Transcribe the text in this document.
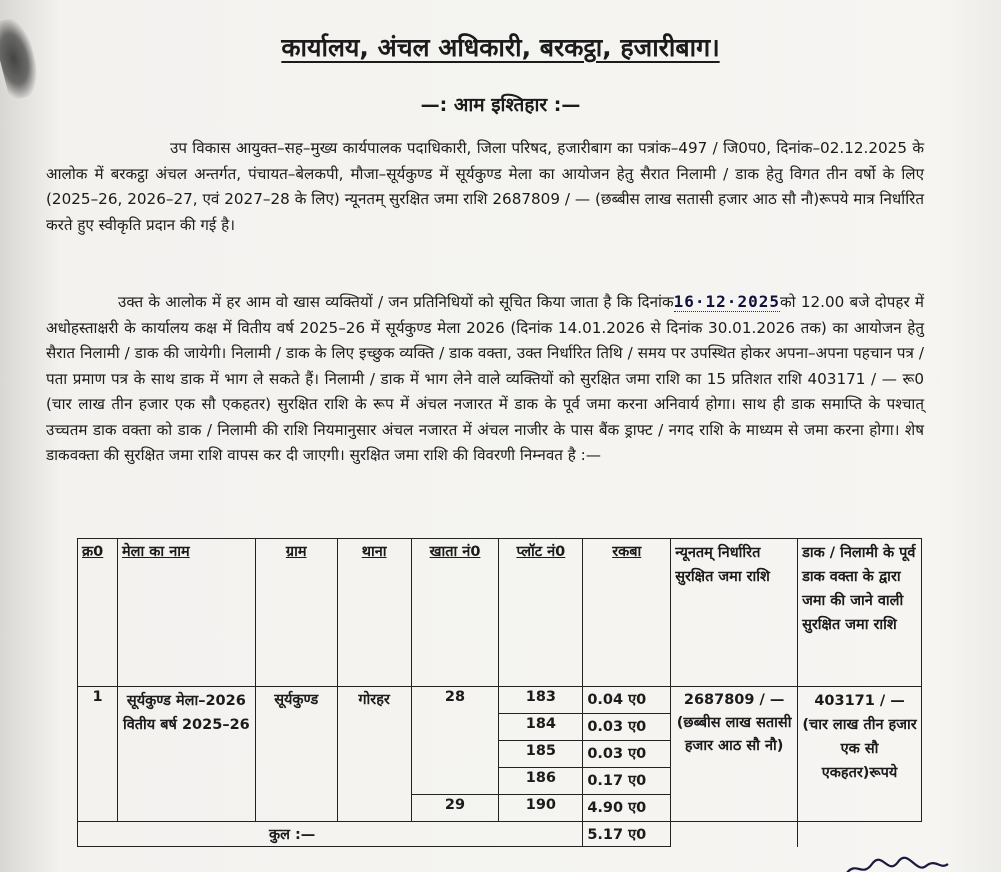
कार्यालय, अंचल अधिकारी, बरकट्ठा, हजारीबाग।
—: आम इश्तिहार :—
उप विकास आयुक्त–सह–मुख्य कार्यपालक पदाधिकारी, जिला परिषद, हजारीबाग का पत्रांक–497 / जि0प0, दिनांक–02.12.2025 के आलोक में बरकट्ठा अंचल अन्तर्गत, पंचायत–बेलकपी, मौजा–सूर्यकुण्ड में सूर्यकुण्ड मेला का आयोजन हेतु सैरात निलामी / डाक हेतु विगत तीन वर्षो के लिए (2025–26, 2026–27, एवं 2027–28 के लिए) न्यूनतम् सुरक्षित जमा राशि 2687809 / — (छब्बीस लाख सतासी हजार आठ सौ नौ)रूपये मात्र निर्धारित करते हुए स्वीकृति प्रदान की गई है।
उक्त के आलोक में हर आम वो खास व्यक्तियों / जन प्रतिनिधियों को सूचित किया जाता है कि दिनांक16·12·2025को 12.00 बजे दोपहर में अधोहस्ताक्षरी के कार्यालय कक्ष में वितीय वर्ष 2025–26 में सूर्यकुण्ड मेला 2026 (दिनांक 14.01.2026 से दिनांक 30.01.2026 तक) का आयोजन हेतु सैरात निलामी / डाक की जायेगी। निलामी / डाक के लिए इच्छुक व्यक्ति / डाक वक्ता, उक्त निर्धारित तिथि / समय पर उपस्थित होकर अपना–अपना पहचान पत्र / पता प्रमाण पत्र के साथ डाक में भाग ले सकते हैं। निलामी / डाक में भाग लेने वाले व्यक्तियों को सुरक्षित जमा राशि का 15 प्रतिशत राशि 403171 / — रू0 (चार लाख तीन हजार एक सौ एकहतर) सुरक्षित राशि के रूप में अंचल नजारत में डाक के पूर्व जमा करना अनिवार्य होगा। साथ ही डाक समाप्ति के पश्चात् उच्चतम डाक वक्ता को डाक / निलामी की राशि नियमानुसार अंचल नजारत में अंचल नाजीर के पास बैंक ड्राफ्ट / नगद राशि के माध्यम से जमा करना होगा। शेष डाकवक्ता की सुरक्षित जमा राशि वापस कर दी जाएगी। सुरक्षित जमा राशि की विवरणी निम्नवत है :—
क्र0	मेला का नाम	ग्राम	थाना	खाता नं0	प्लॉट नं0	रकबा	न्यूनतम् निर्धारित सुरक्षित जमा राशि	डाक / निलामी के पूर्व डाक वक्ता के द्वारा जमा की जाने वाली सुरक्षित जमा राशि
1	सूर्यकुण्ड मेला–2026 वितीय बर्ष 2025–26	सूर्यकुण्ड	गोरहर	28	183	0.04 ए0	2687809 / — (छब्बीस लाख सतासी हजार आठ सौ नौ)	403171 / — (चार लाख तीन हजार एक सौ एकहतर)रूपये
					184	0.03 ए0		
					185	0.03 ए0		
					186	0.17 ए0		
				29	190	4.90 ए0		
कुल :—						5.17 ए0		
